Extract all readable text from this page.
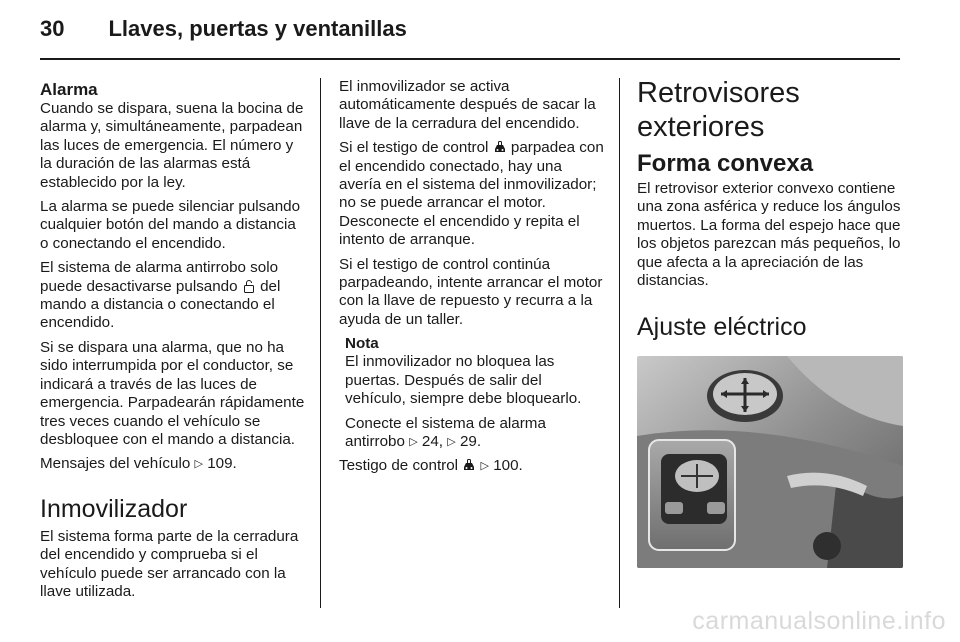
30 Llaves, puertas y ventanillas
Alarma

Cuando se dispara, suena la bocina de alarma y, simultáneamente, parpadean las luces de emergencia. El número y la duración de las alarmas está establecido por la ley.

La alarma se puede silenciar pulsando cualquier botón del mando a distancia o conectando el encendido.

El sistema de alarma antirrobo solo puede desactivarse pulsando del mando a distancia o conectando el encendido.

Si se dispara una alarma, que no ha sido interrumpida por el conductor, se indicará a través de las luces de emergencia. Parpadearán rápidamente tres veces cuando el vehículo se desbloquee con el mando a distancia.

Mensajes del vehículo ▷ 109.

Inmovilizador

El sistema forma parte de la cerradura del encendido y comprueba si el vehículo puede ser arrancado con la llave utilizada.

El inmovilizador se activa automáticamente después de sacar la llave de la cerradura del encendido.

Si el testigo de control parpadea con el encendido conectado, hay una avería en el sistema del inmovilizador; no se puede arrancar el motor. Desconecte el encendido y repita el intento de arranque.

Si el testigo de control continúa parpadeando, intente arrancar el motor con la llave de repuesto y recurra a la ayuda de un taller.

Nota

El inmovilizador no bloquea las puertas. Después de salir del vehículo, siempre debe bloquearlo.

Conecte el sistema de alarma antirrobo ▷ 24, ▷ 29.

Testigo de control ▷ 100.

Retrovisores exteriores
Forma convexa

El retrovisor exterior convexo contiene una zona asférica y reduce los ángulos muertos. La forma del espejo hace que los objetos parezcan más pequeños, lo que afecta a la apreciación de las distancias.

Ajuste eléctrico
carmanualsonline.info
